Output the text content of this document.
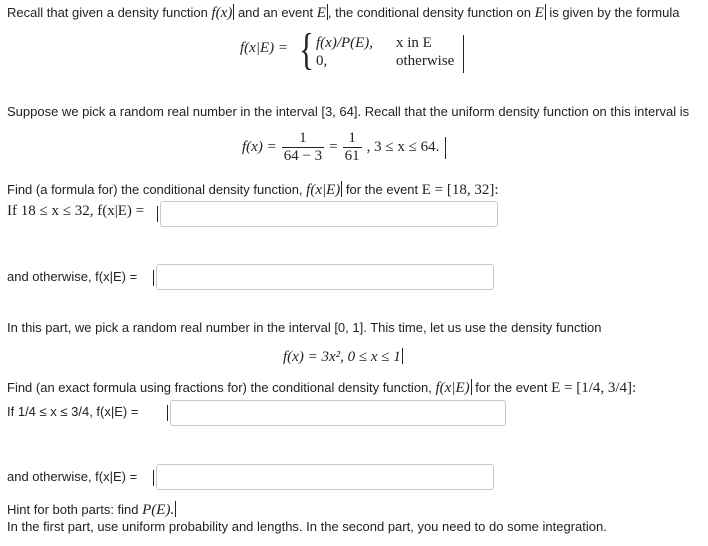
Recall that given a density function f(x) and an event E , the conditional density function on E is given by the formula
f(x|E) = { f(x)/P(E), x in E
0,	otherwise
Suppose we pick a random real number in the interval [3, 64]. Recall that the uniform density function on this interval is
$f(x) = \frac{1}{64 - 3} = \frac{1}{61}$ , 3 ≤ x ≤ 64.
Find (a formula for) the conditional density function, f(x|E) for the event E = [18, 32]:
If 18 ≤ x ≤ 32, f(x|E) =
and otherwise, f(x|E) =
In this part, we pick a random real number in the interval [0, 1]. This time, let us use the density function
f(x) = 3x², 0 ≤ x ≤ 1
Find (an exact formula using fractions for) the conditional density function, f(x|E) for the event E = [1/4, 3/4]:
If 1/4 ≤ x ≤ 3/4, f(x|E) =
and otherwise, f(x|E) =
Hint for both parts: find P(E).
In the first part, use uniform probability and lengths. In the second part, you need to do some integration.
